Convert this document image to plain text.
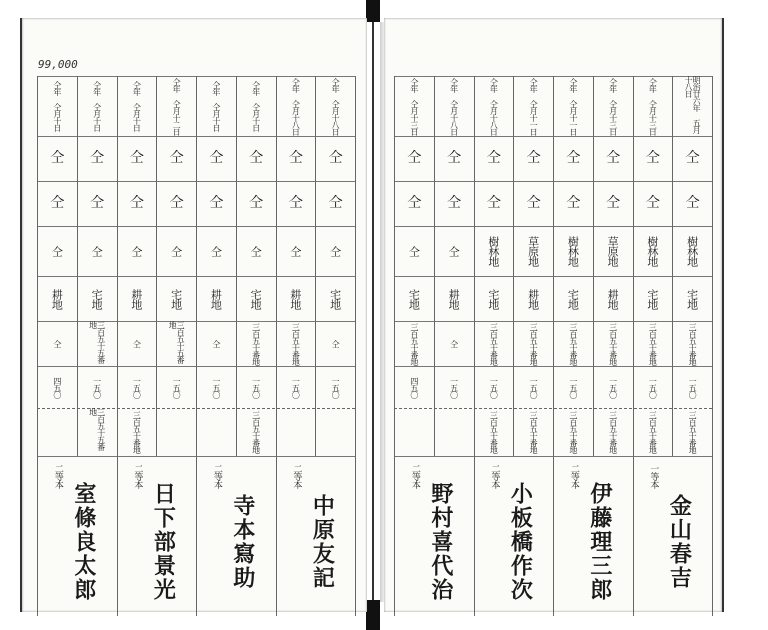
99,000
仝年 仝月十日
仝
仝
仝
耕地
仝
四五〇
仝年 仝月十日
仝
仝
仝
宅地
三百五十五番地
一五〇
三百五十五番地
二等本
室條良太郎
仝年 仝月十日
仝
仝
仝
耕地
仝
一五〇
三百五十番地
仝年 仝月十二日
仝
仝
仝
宅地
三百五十五番地
一五〇
二等本
日下部景光
仝年 仝月十日
仝
仝
仝
耕地
仝
一五〇
仝年 仝月十日
仝
仝
仝
宅地
三百五十番地
一五〇
三百五十番地
二等本
寺本寫助
仝年 仝月十八日
仝
仝
仝
耕地
三百五十番地
一五〇
仝年 仝月十八日
仝
仝
仝
宅地
仝
一五〇
二等本
中原友記
仝年 仝月十三日
仝
仝
仝
宅地
三百五十番地
四五〇
仝年 仝月十八日
仝
仝
仝
耕地
仝
一五〇
二等本
野村喜代治
仝年 仝月十八日
仝
仝
樹林地
宅地
三百五十番地
一五〇
三百五十番地
仝年 仝月十一日
仝
仝
草原地
耕地
三百五十番地
一五〇
三百五十番地
二等本
小板橋作次
仝年 仝月十一日
仝
仝
樹林地
宅地
三百五十番地
一五〇
三百五十番地
仝年 仝月十三日
仝
仝
草原地
耕地
三百五十番地
一五〇
三百五十番地
二等本
伊藤理三郎
仝年 仝月十三日
仝
仝
樹林地
宅地
三百五十番地
一五〇
三百五十番地
明治廿六年 五月十八日
仝
仝
樹林地
宅地
三百五十番地
一五〇
三百五十番地
一等本
金山春吉
